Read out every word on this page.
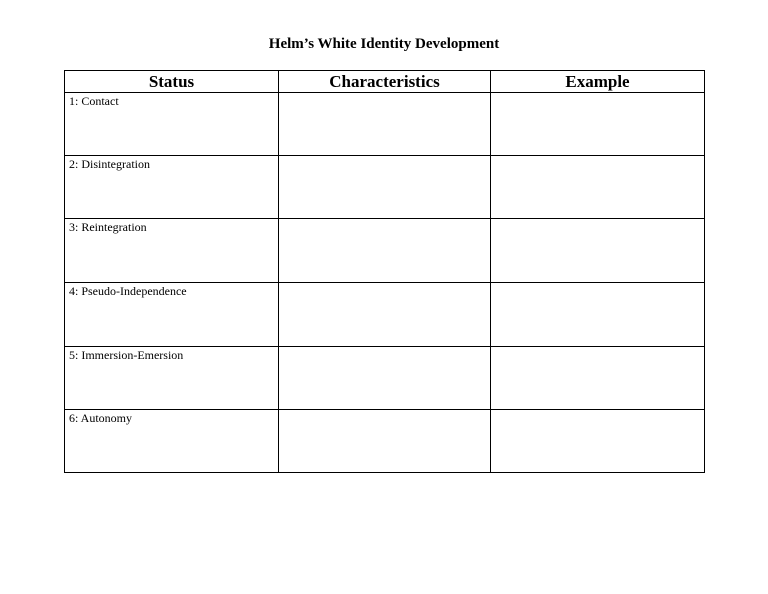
Helm’s White Identity Development
Status	Characteristics	Example

1: Contact		

2: Disintegration		

3: Reintegration		

4: Pseudo-Independence		

5: Immersion-Emersion		

6: Autonomy		
